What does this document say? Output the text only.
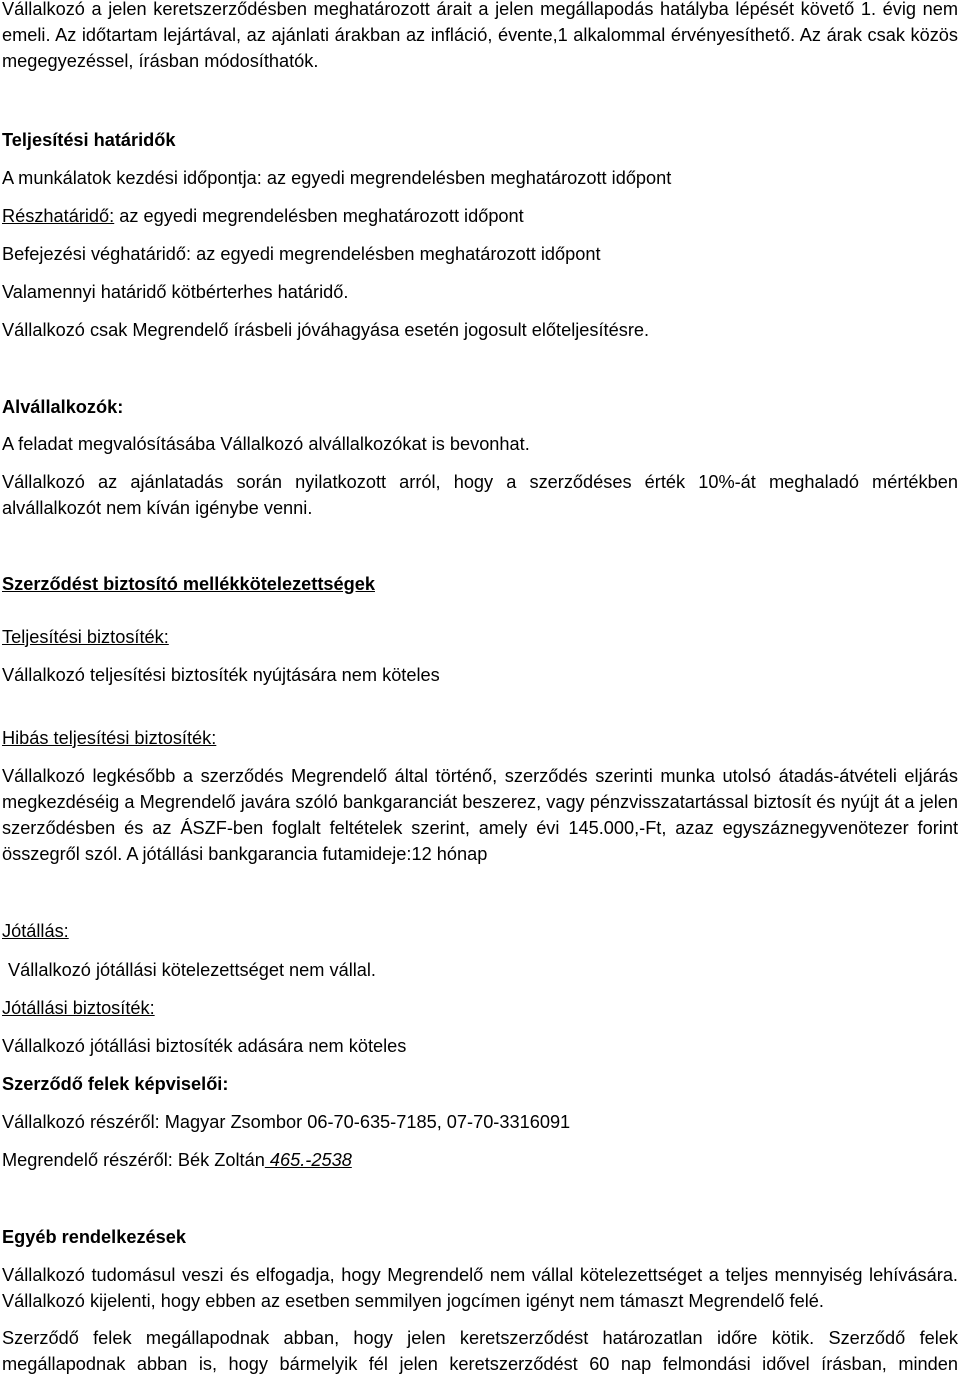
Vállalkozó a jelen keretszerződésben meghatározott árait a jelen megállapodás hatályba lépését követő 1. évig nem emeli. Az időtartam lejártával, az ajánlati árakban az infláció, évente,1 alkalommal érvényesíthető. Az árak csak közös megegyezéssel, írásban módosíthatók.

Teljesítési határidők

A munkálatok kezdési időpontja: az egyedi megrendelésben meghatározott időpont

Részhatáridő: az egyedi megrendelésben meghatározott időpont

Befejezési véghatáridő: az egyedi megrendelésben meghatározott időpont

Valamennyi határidő kötbérterhes határidő.

Vállalkozó csak Megrendelő írásbeli jóváhagyása esetén jogosult előteljesítésre.

Alvállalkozók:

A feladat megvalósításába Vállalkozó alvállalkozókat is bevonhat.

Vállalkozó az ajánlatadás során nyilatkozott arról, hogy a szerződéses érték 10%-át meghaladó mértékben alvállalkozót nem kíván igénybe venni.

Szerződést biztosító mellékkötelezettségek

Teljesítési biztosíték:

Vállalkozó teljesítési biztosíték nyújtására nem köteles

Hibás teljesítési biztosíték:

Vállalkozó legkésőbb a szerződés Megrendelő által történő, szerződés szerinti munka utolsó átadás-átvételi eljárás megkezdéséig a Megrendelő javára szóló bankgaranciát beszerez, vagy pénzvisszatartással biztosít és nyújt át a jelen szerződésben és az ÁSZF-ben foglalt feltételek szerint, amely évi 145.000,-Ft, azaz egyszáznegyvenötezer forint összegről szól. A jótállási bankgarancia futamideje:12 hónap

Jótállás:

Vállalkozó jótállási kötelezettséget nem vállal.

Jótállási biztosíték:

Vállalkozó jótállási biztosíték adására nem köteles

Szerződő felek képviselői:

Vállalkozó részéről: Magyar Zsombor 06-70-635-7185, 07-70-3316091

Megrendelő részéről: Bék Zoltán 465.-2538

Egyéb rendelkezések

Vállalkozó tudomásul veszi és elfogadja, hogy Megrendelő nem vállal kötelezettséget a teljes mennyiség lehívására. Vállalkozó kijelenti, hogy ebben az esetben semmilyen jogcímen igényt nem támaszt Megrendelő felé.

Szerződő felek megállapodnak abban, hogy jelen keretszerződést határozatlan időre kötik. Szerződő felek megállapodnak abban is, hogy bármelyik fél jelen keretszerződést 60 nap felmondási idővel írásban, minden
